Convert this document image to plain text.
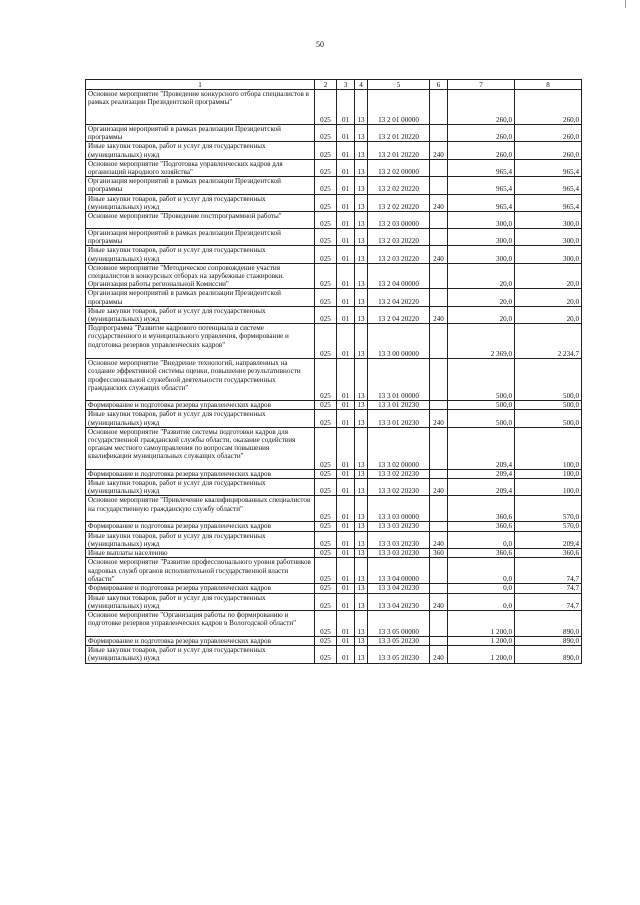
50
1	2	3	4	5	6	7	8
Основное мероприятие "Проведение конкурсного отбора специалистов в рамках реализации Президентской программы"	025	01	13	13 2 01 00000		260,0	260,0
Организация мероприятий в рамках реализации Президентской программы	025	01	13	13 2 01 20220		260,0	260,0
Иные закупки товаров, работ и услуг для государственных (муниципальных) нужд	025	01	13	13 2 01 20220	240	260,0	260,0
Основное мероприятие "Подготовка управленческих кадров для организаций народного хозяйства"	025	01	13	13 2 02 00000		965,4	965,4
Организация мероприятий в рамках реализации Президентской программы	025	01	13	13 2 02 20220		965,4	965,4
Иные закупки товаров, работ и услуг для государственных (муниципальных) нужд	025	01	13	13 2 02 20220	240	965,4	965,4
Основное мероприятие "Проведение постпрограммной работы"	025	01	13	13 2 03 00000		300,0	300,0
Организация мероприятий в рамках реализации Президентской программы	025	01	13	13 2 03 20220		300,0	300,0
Иные закупки товаров, работ и услуг для государственных (муниципальных) нужд	025	01	13	13 2 03 20220	240	300,0	300,0
Основное мероприятие "Методическое сопровождение участия специалистов в конкурсных отборах на зарубежные стажировки. Организация работы региональной Комиссии"	025	01	13	13 2 04 00000		20,0	20,0
Организация мероприятий в рамках реализации Президентской программы	025	01	13	13 2 04 20220		20,0	20,0
Иные закупки товаров, работ и услуг для государственных (муниципальных) нужд	025	01	13	13 2 04 20220	240	20,0	20,0
Подпрограмма "Развитие кадрового потенциала в системе государственного и муниципального управления, формирование и подготовка резервов управленческих кадров"	025	01	13	13 3 00 00000		2 369,0	2 234,7
Основное мероприятие "Внедрение технологий, направленных на создание эффективной системы оценки, повышение результативности профессиональной служебной деятельности государственных гражданских служащих области"	025	01	13	13 3 01 00000		500,0	500,0
Формирование и подготовка резерва управленческих кадров	025	01	13	13 3 01 20230		500,0	500,0
Иные закупки товаров, работ и услуг для государственных (муниципальных) нужд	025	01	13	13 3 01 20230	240	500,0	500,0
Основное мероприятие "Развитие системы подготовки кадров для государственной гражданской службы области, оказание содействия органам местного самоуправления по вопросам повышения квалификации муниципальных служащих области"	025	01	13	13 3 02 00000		209,4	100,0
Формирование и подготовка резерва управленческих кадров	025	01	13	13 3 02 20230		209,4	100,0
Иные закупки товаров, работ и услуг для государственных (муниципальных) нужд	025	01	13	13 3 02 20230	240	209,4	100,0
Основное мероприятие "Привлечение квалифицированных специалистов на государственную гражданскую службу области"	025	01	13	13 3 03 00000		360,6	570,0
Формирование и подготовка резерва управленческих кадров	025	01	13	13 3 03 20230		360,6	570,0
Иные закупки товаров, работ и услуг для государственных (муниципальных) нужд	025	01	13	13 3 03 20230	240	0,0	209,4
Иные выплаты населению	025	01	13	13 3 03 20230	360	360,6	360,6
Основное мероприятие "Развитие профессионального уровня работников кадровых служб органов исполнительной государственной власти области"	025	01	13	13 3 04 00000		0,0	74,7
Формирование и подготовка резерва управленческих кадров	025	01	13	13 3 04 20230		0,0	74,7
Иные закупки товаров, работ и услуг для государственных (муниципальных) нужд	025	01	13	13 3 04 20230	240	0,0	74,7
Основное мероприятие "Организация работы по формированию и подготовке резервов управленческих кадров в Вологодской области"	025	01	13	13 3 05 00000		1 200,0	890,0
Формирование и подготовка резерва управленческих кадров	025	01	13	13 3 05 20230		1 200,0	890,0
Иные закупки товаров, работ и услуг для государственных (муниципальных) нужд	025	01	13	13 3 05 20230	240	1 200,0	890,0
